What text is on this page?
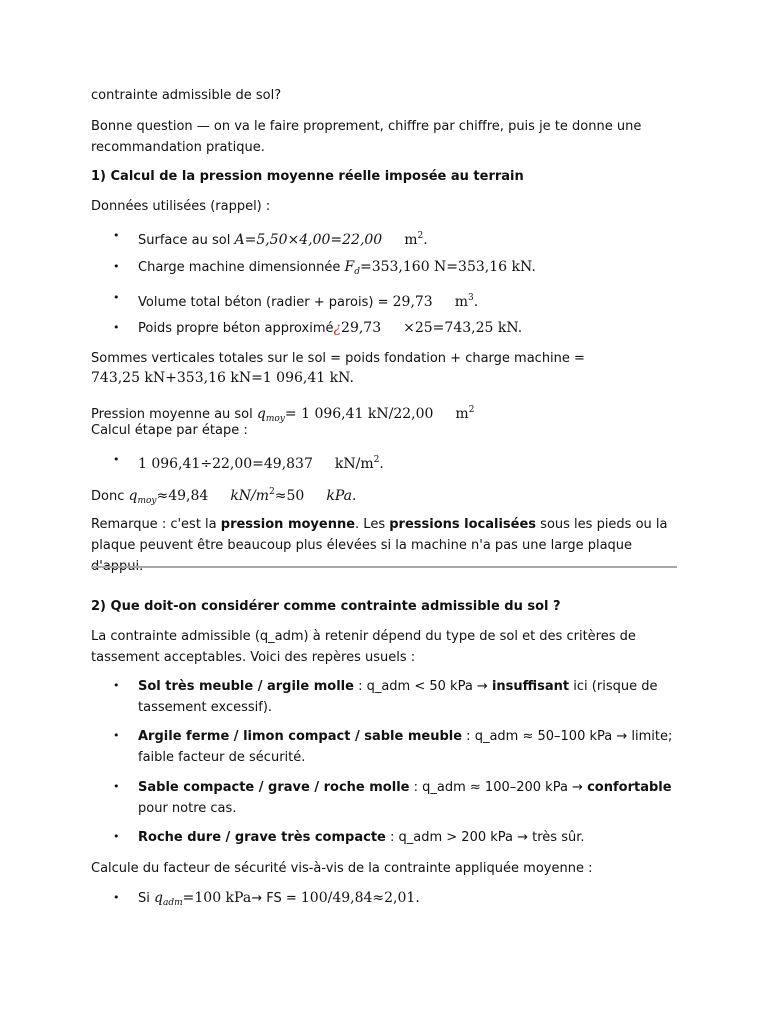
contrainte admissible de sol?

Bonne question — on va le faire proprement, chiffre par chiffre, puis je te donne une recommandation pratique.

1) Calcul de la pression moyenne réelle imposée au terrain

Données utilisées (rappel) :

•	Surface au sol A=5,50×4,00=22,00 $m^2$.
•	Charge machine dimensionnée $F_d=353,160$ N=353,16 kN.
•	Volume total béton (radier + parois) = 29,73 $m^3$.
•	Poids propre béton approximé¿29,73 ×25=743,25 kN.

Sommes verticales totales sur le sol = poids fondation + charge machine =

743,25 kN+353,16 kN=1 096,41 kN.

Pression moyenne au sol $q_{moy}= 1$ 096,41 kN/22,00 $m^2$

Calcul étape par étape :

•	1 096,41÷22,00=49,837 $kN/m^2$.

Donc $q_{moy}\approx 49,84$ $kN/m^2\approx 50$ kPa.

Remarque : c'est la pression moyenne. Les pressions localisées sous les pieds ou la plaque peuvent être beaucoup plus élevées si la machine n'a pas une large plaque d'appui.

2) Que doit-on considérer comme contrainte admissible du sol ?

La contrainte admissible (q_adm) à retenir dépend du type de sol et des critères de tassement acceptables. Voici des repères usuels :

•	Sol très meuble / argile molle : q_adm < 50 kPa → insuffisant ici (risque de tassement excessif).
•	Argile ferme / limon compact / sable meuble : q_adm ≈ 50–100 kPa → limite; faible facteur de sécurité.
•	Sable compacte / grave / roche molle : q_adm ≈ 100–200 kPa → confortable pour notre cas.
•	Roche dure / grave très compacte : q_adm > 200 kPa → très sûr.

Calcule du facteur de sécurité vis-à-vis de la contrainte appliquée moyenne :

•	Si $q_{adm}=100$ kPa→ FS = 100/49,84≈2,01.
